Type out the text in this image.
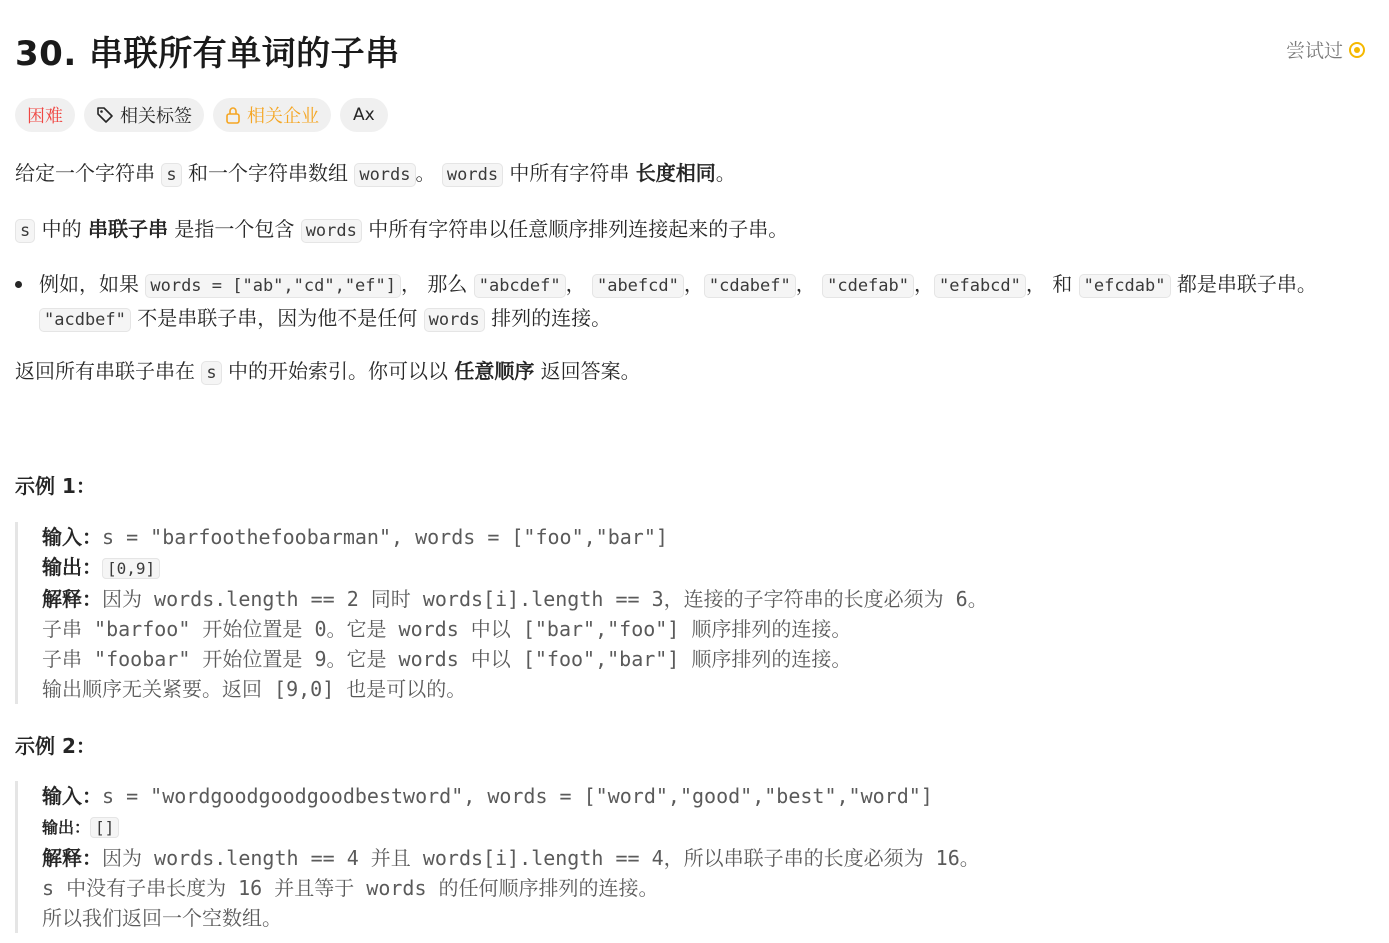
30. 串联所有单词的子串	尝试过
困难	相关标签	相关企业 Aх

给定一个字符串 s 和一个字符串数组 words 。 words 中所有字符串 长度相同。

s 中的 串联子串 是指一个包含 words 中所有字符串以任意顺序排列连接起来的子串。

例如，如果 words = ["ab","cd","ef"] ， 那么 "abcdef" ， "abefcd" ， "cdabef" ， "cdefab" ， "efabcd" ， 和 "efcdab" 都是串联子串。 "acdbef" 不是串联子串，因为他不是任何 words 排列的连接。

返回所有串联子串在 s 中的开始索引。你可以以 任意顺序 返回答案。

示例 1：

输入：s = "barfoothefoobarman", words = ["foo","bar"]
输出： [0,9]
解释：因为 words.length == 2 同时 words[i].length == 3，连接的子字符串的长度必须为 6。
子串 "barfoo" 开始位置是 0。它是 words 中以 ["bar","foo"] 顺序排列的连接。
子串 "foobar" 开始位置是 9。它是 words 中以 ["foo","bar"] 顺序排列的连接。
输出顺序无关紧要。返回 [9,0] 也是可以的。

示例 2：

输入：s = "wordgoodgoodgoodbestword", words = ["word","good","best","word"]
输出： []
解释：因为 words.length == 4 并且 words[i].length == 4，所以串联子串的长度必须为 16。
s 中没有子串长度为 16 并且等于 words 的任何顺序排列的连接。
所以我们返回一个空数组。
